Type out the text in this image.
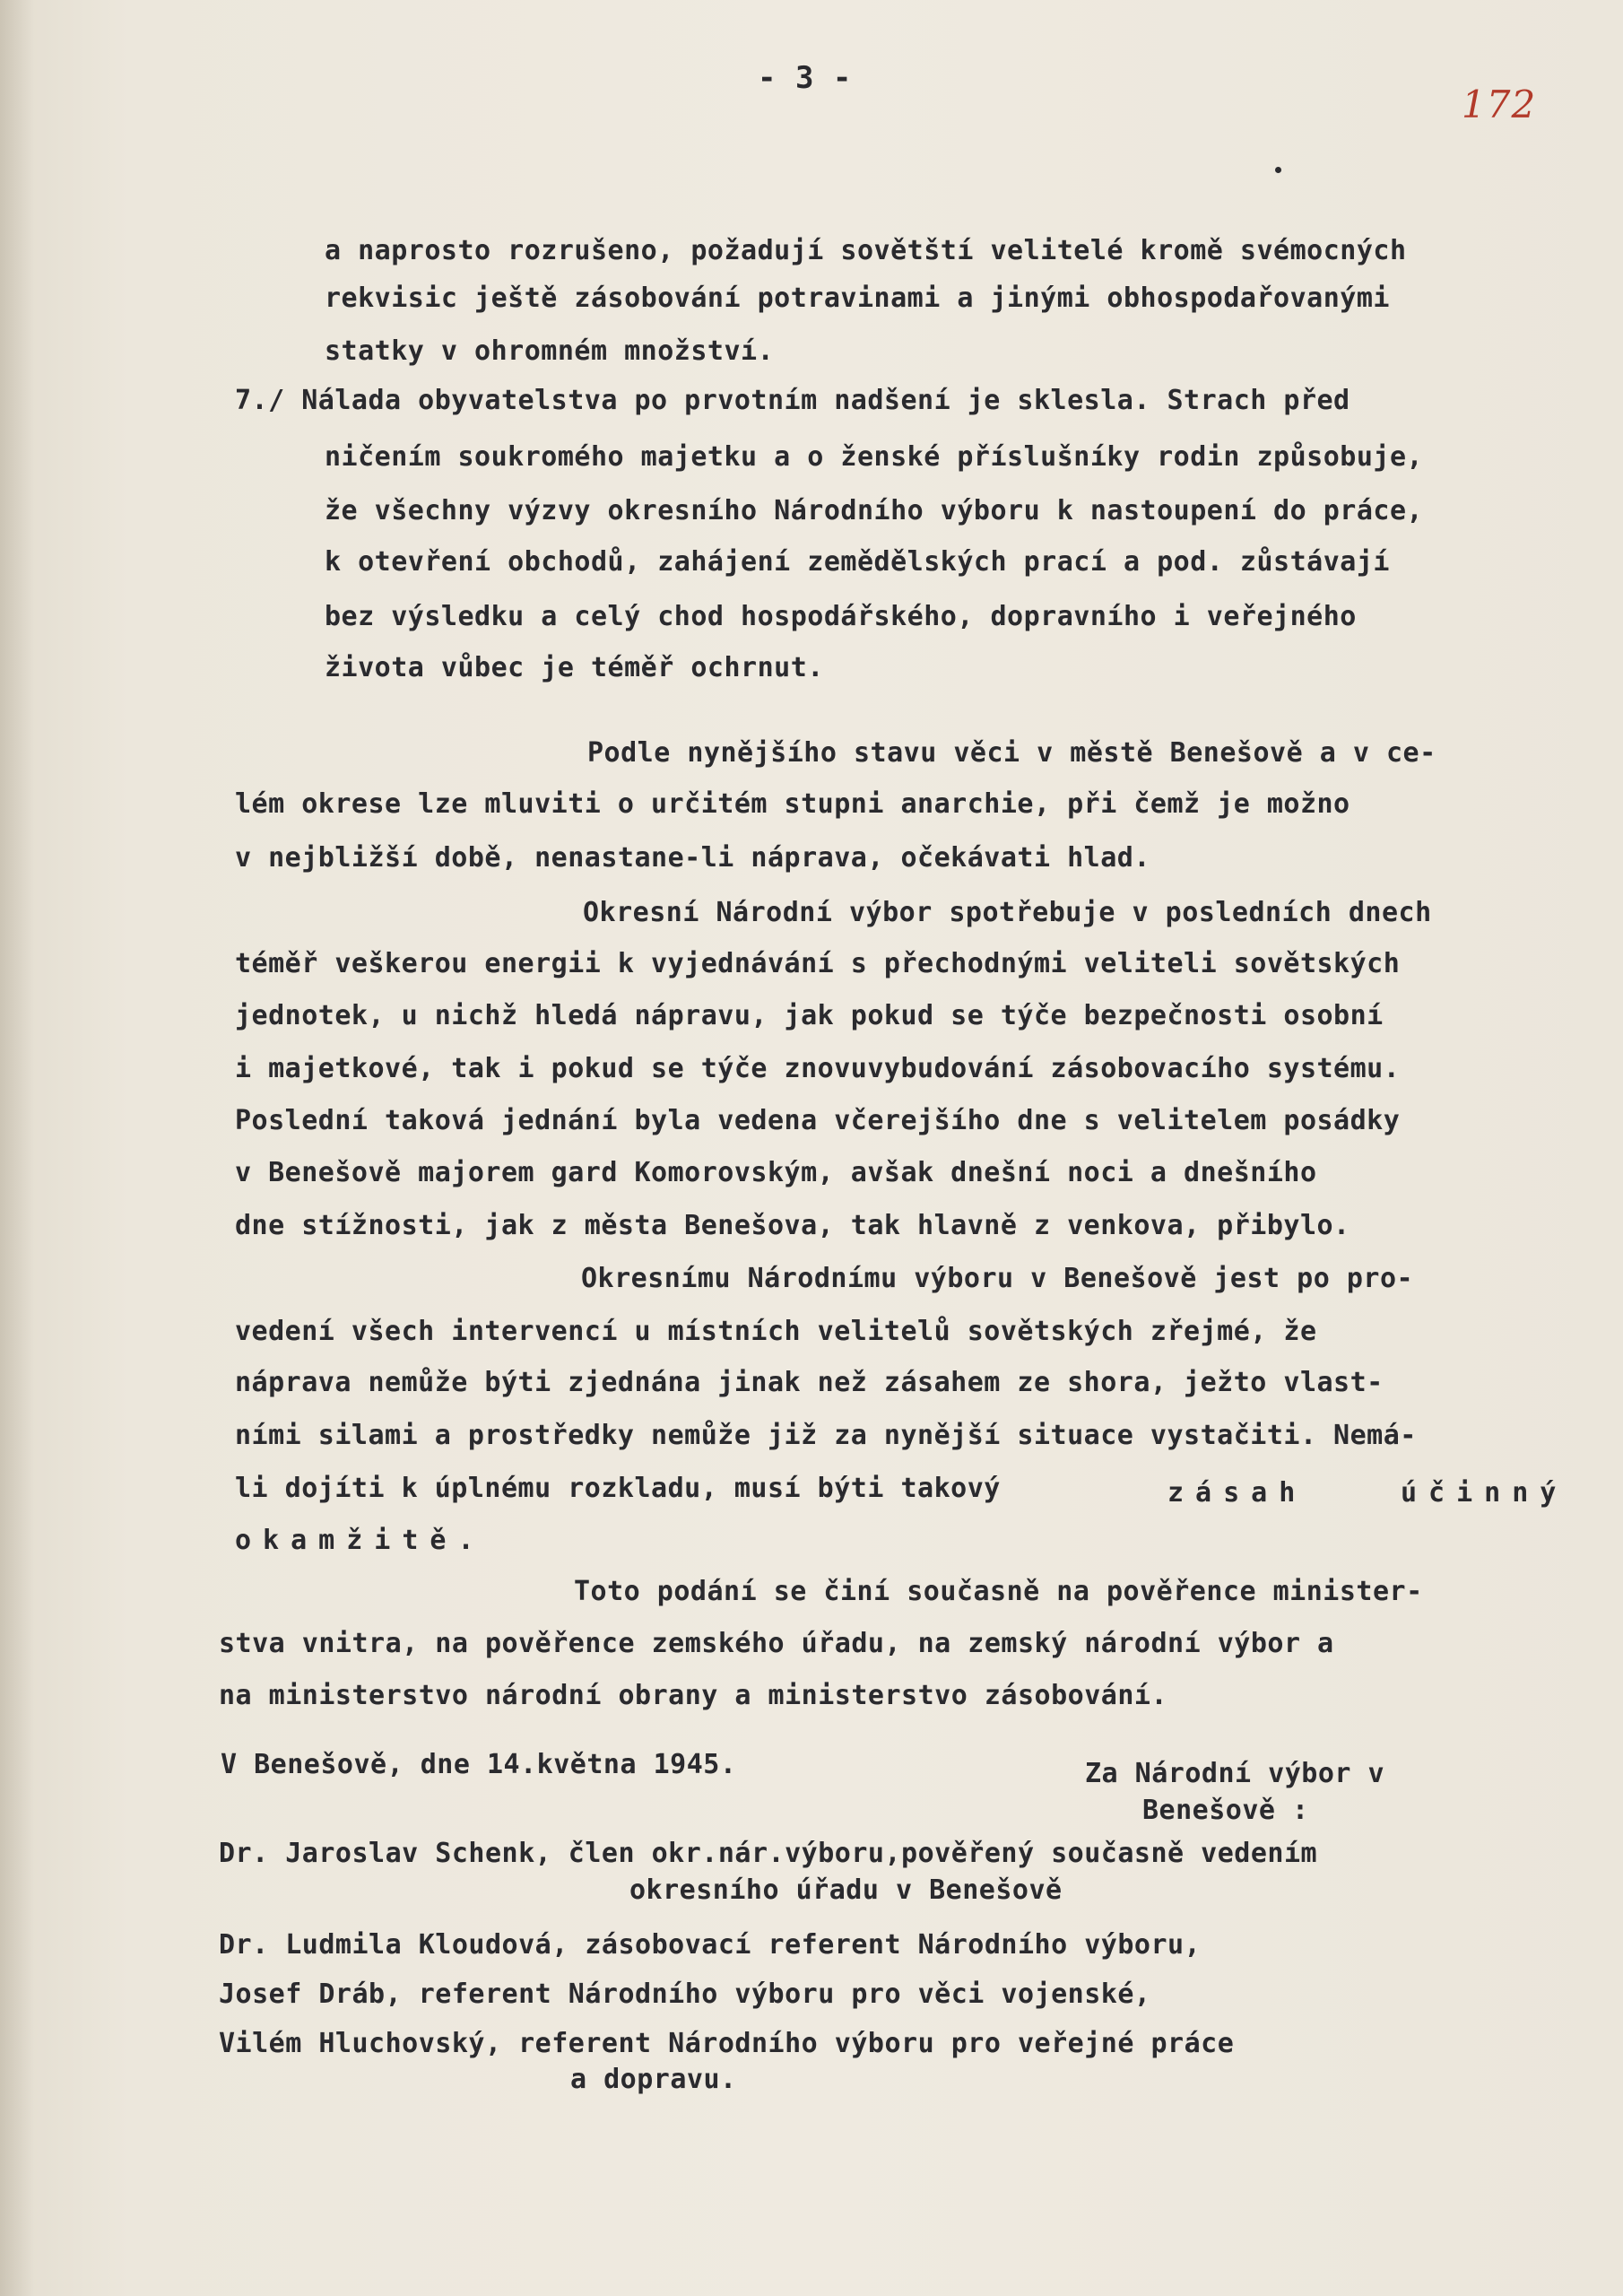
- 3 -
172
a naprosto rozrušeno, požadují sovětští velitelé kromě svémocných
rekvisic ještě zásobování potravinami a jinými obhospodařovanými
statky v ohromném množství.
7./ Nálada obyvatelstva po prvotním nadšení je sklesla. Strach před
ničením soukromého majetku a o ženské příslušníky rodin způsobuje,
že všechny výzvy okresního Národního výboru k nastoupení do práce,
k otevření obchodů, zahájení zemědělských prací a pod. zůstávají
bez výsledku a celý chod hospodářského, dopravního i veřejného
života vůbec je téměř ochrnut.
Podle nynějšího stavu věci v městě Benešově a v ce-
lém okrese lze mluviti o určitém stupni anarchie, při čemž je možno
v nejbližší době, nenastane-li náprava, očekávati hlad.
Okresní Národní výbor spotřebuje v posledních dnech
téměř veškerou energii k vyjednávání s přechodnými veliteli sovětských
jednotek, u nichž hledá nápravu, jak pokud se týče bezpečnosti osobní
i majetkové, tak i pokud se týče znovuvybudování zásobovacího systému.
Poslední taková jednání byla vedena včerejšího dne s velitelem posádky
v Benešově majorem gard Komorovským, avšak dnešní noci a dnešního
dne stížnosti, jak z města Benešova, tak hlavně z venkova, přibylo.
Okresnímu Národnímu výboru v Benešově jest po pro-
vedení všech intervencí u místních velitelů sovětských zřejmé, že
náprava nemůže býti zjednána jinak než zásahem ze shora, ježto vlast-
ními silami a prostředky nemůže již za nynější situace vystačiti. Nemá-
li dojíti k úplnému rozkladu, musí býti takový	zásah	účinný
okamžitě.
Toto podání se činí současně na pověřence minister-
stva vnitra, na pověřence zemského úřadu, na zemský národní výbor a
na ministerstvo národní obrany a ministerstvo zásobování.
V Benešově, dne 14.května 1945.	Za Národní výbor v
Benešově :
Dr. Jaroslav Schenk, člen okr.nár.výboru,pověřený současně vedením
okresního úřadu v Benešově
Dr. Ludmila Kloudová, zásobovací referent Národního výboru,
Josef Dráb, referent Národního výboru pro věci vojenské,
Vilém Hluchovský, referent Národního výboru pro veřejné práce
a dopravu.
